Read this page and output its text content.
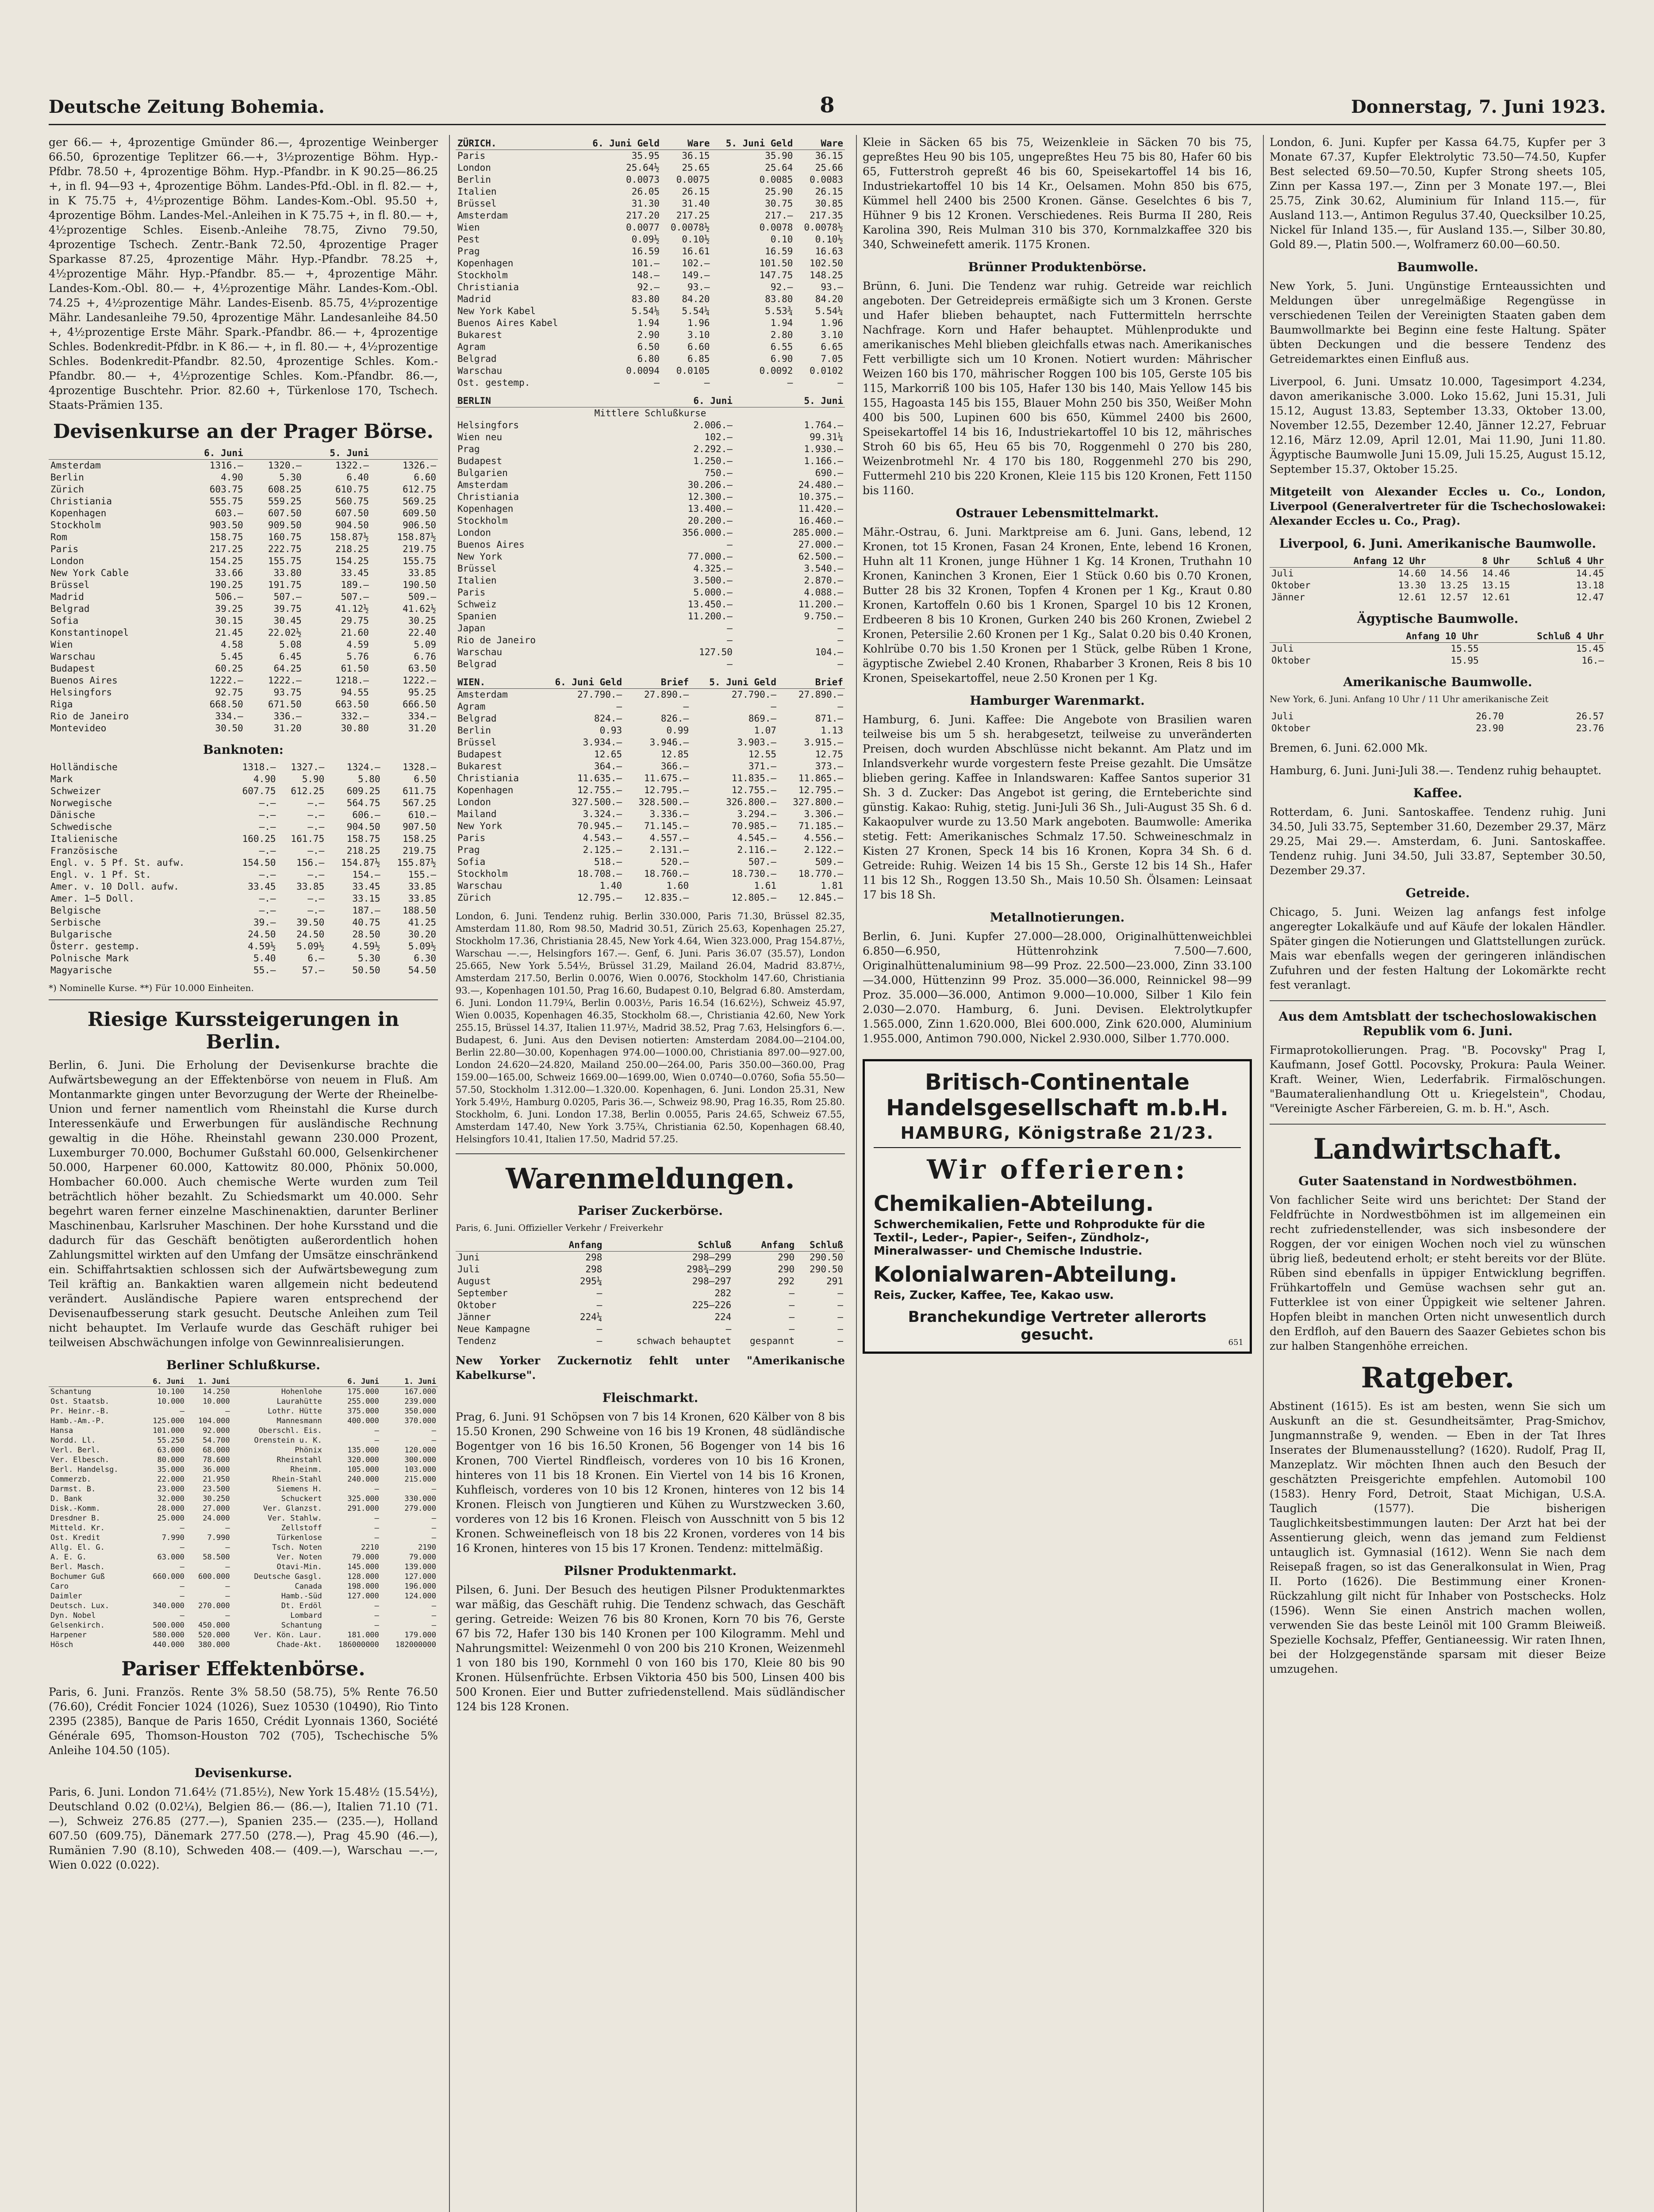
Deutsche Zeitung Bohemia.	8	Donnerstag, 7. Juni 1923.

ger 66.— +, 4prozentige Gmünder 86.—, 4prozentige Weinberger 66.50, 6prozentige Teplitzer 66.—+, 3½prozentige Böhm. Hyp.-Pfdbr. 78.50 +, 4prozentige Böhm. Hyp.-Pfandbr. in K 90.25—86.25 +, in fl. 94—93 +, 4prozentige Böhm. Landes-Pfd.-Obl. in fl. 82.— +, in K 75.75 +, 4½prozentige Böhm. Landes-Kom.-Obl. 95.50 +, 4prozentige Böhm. Landes-Mel.-Anleihen in K 75.75 +, in fl. 80.— +, 4½prozentige Schles. Eisenb.-Anleihe 78.75, Zivno 79.50, 4prozentige Tschech. Zentr.-Bank 72.50, 4prozentige Prager Sparkasse 87.25, 4prozentige Mähr. Hyp.-Pfandbr. 78.25 +, 4½prozentige Mähr. Hyp.-Pfandbr. 85.— +, 4prozentige Mähr. Landes-Kom.-Obl. 80.— +, 4½prozentige Mähr. Landes-Kom.-Obl. 74.25 +, 4½prozentige Mähr. Landes-Eisenb. 85.75, 4½prozentige Mähr. Landesanleihe 79.50, 4prozentige Mähr. Landesanleihe 84.50 +, 4½prozentige Erste Mähr. Spark.-Pfandbr. 86.— +, 4prozentige Schles. Bodenkredit-Pfdbr. in K 86.— +, in fl. 80.— +, 4½prozentige Schles. Bodenkredit-Pfandbr. 82.50, 4prozentige Schles. Kom.-Pfandbr. 80.— +, 4½prozentige Schles. Kom.-Pfandbr. 86.—, 4prozentige Buschtehr. Prior. 82.60 +, Türkenlose 170, Tschech. Staats-Prämien 135.

Devisenkurse an der Prager Börse.
	6. Juni		5. Juni	
Amsterdam	1316.—	1320.—	1322.—	1326.—
Berlin	4.90	5.30	6.40	6.60
Zürich	603.75	608.25	610.75	612.75
Christiania	555.75	559.25	560.75	569.25
Kopenhagen	603.—	607.50	607.50	609.50
Stockholm	903.50	909.50	904.50	906.50
Rom	158.75	160.75	158.87½	158.87½
Paris	217.25	222.75	218.25	219.75
London	154.25	155.75	154.25	155.75
New York Cable	33.66	33.80	33.45	33.85
Brüssel	190.25	191.75	189.—	190.50
Madrid	506.—	507.—	507.—	509.—
Belgrad	39.25	39.75	41.12½	41.62½
Sofia	30.15	30.45	29.75	30.25
Konstantinopel	21.45	22.02½	21.60	22.40
Wien	4.58	5.08	4.59	5.09
Warschau	5.45	6.45	5.76	6.76
Budapest	60.25	64.25	61.50	63.50
Buenos Aires	1222.—	1222.—	1218.—	1222.—
Helsingfors	92.75	93.75	94.55	95.25
Riga	668.50	671.50	663.50	666.50
Rio de Janeiro	334.—	336.—	332.—	334.—
Montevideo	30.50	31.20	30.80	31.20
Banknoten:
Holländische	1318.—	1327.—	1324.—	1328.—
Mark	4.90	5.90	5.80	6.50
Schweizer	607.75	612.25	609.25	611.75
Norwegische	—.—	—.—	564.75	567.25
Dänische	—.—	—.—	606.—	610.—
Schwedische	—.—	—.—	904.50	907.50
Italienische	160.25	161.75	158.75	158.25
Französische	—.—	—.—	218.25	219.75
Engl. v. 5 Pf. St. aufw.	154.50	156.—	154.87½	155.87½
Engl. v. 1 Pf. St.	—.—	—.—	154.—	155.—
Amer. v. 10 Doll. aufw.	33.45	33.85	33.45	33.85
Amer. 1—5 Doll.	—.—	—.—	33.15	33.85
Belgische	—.—	—.—	187.—	188.50
Serbische	39.—	39.50	40.75	41.25
Bulgarische	24.50	24.50	28.50	30.20
Österr. gestemp.	4.59½	5.09½	4.59½	5.09½
Polnische Mark	5.40	6.—	5.30	6.30
Magyarische	55.—	57.—	50.50	54.50
*) Nominelle Kurse. **) Für 10.000 Einheiten.
Riesige Kurssteigerungen in Berlin.

Berlin, 6. Juni. Die Erholung der Devisenkurse brachte die Aufwärtsbewegung an der Effektenbörse von neuem in Fluß. Am Montanmarkte gingen unter Bevorzugung der Werte der Rheinelbe-Union und ferner namentlich vom Rheinstahl die Kurse durch Interessenkäufe und Erwerbungen für ausländische Rechnung gewaltig in die Höhe. Rheinstahl gewann 230.000 Prozent, Luxemburger 70.000, Bochumer Gußstahl 60.000, Gelsenkirchener 50.000, Harpener 60.000, Kattowitz 80.000, Phönix 50.000, Hombacher 60.000. Auch chemische Werte wurden zum Teil beträchtlich höher bezahlt. Zu Schiedsmarkt um 40.000. Sehr begehrt waren ferner einzelne Maschinenaktien, darunter Berliner Maschinenbau, Karlsruher Maschinen. Der hohe Kursstand und die dadurch für das Geschäft benötigten außerordentlich hohen Zahlungsmittel wirkten auf den Umfang der Umsätze einschränkend ein. Schiffahrtsaktien schlossen sich der Aufwärtsbewegung zum Teil kräftig an. Bankaktien waren allgemein nicht bedeutend verändert. Ausländische Papiere waren entsprechend der Devisenaufbesserung stark gesucht. Deutsche Anleihen zum Teil nicht behauptet. Im Verlaufe wurde das Geschäft ruhiger bei teilweisen Abschwächungen infolge von Gewinnrealisierungen.

Berliner Schlußkurse.
	6. Juni	1. Juni		6. Juni	1. Juni
Schantung	10.100	14.250	Hohenlohe	175.000	167.000
Ost. Staatsb.	10.000	10.000	Laurahütte	255.000	239.000
Pr. Heinr.-B.	—	—	Lothr. Hütte	375.000	350.000
Hamb.-Am.-P.	125.000	104.000	Mannesmann	400.000	370.000
Hansa	101.000	92.000	Oberschl. Eis.	—	—
Nordd. Ll.	55.250	54.700	Orenstein u. K.	—	—
Verl. Berl.	63.000	68.000	Phönix	135.000	120.000
Ver. Elbesch.	80.000	78.600	Rheinstahl	320.000	300.000
Berl. Handelsg.	35.000	36.000	Rheinm.	105.000	103.000
Commerzb.	22.000	21.950	Rhein-Stahl	240.000	215.000
Darmst. B.	23.000	23.500	Siemens H.	—	—
D. Bank	32.000	30.250	Schuckert	325.000	330.000
Disk.-Komm.	28.000	27.000	Ver. Glanzst.	291.000	279.000
Dresdner B.	25.000	24.000	Ver. Stahlw.	—	—
Mitteld. Kr.	—	—	Zellstoff	—	—
Ost. Kredit	7.990	7.990	Türkenlose	—	—
Allg. El. G.	—	—	Tsch. Noten	2210	2190
A. E. G.	63.000	58.500	Ver. Noten	79.000	79.000
Berl. Masch.	—	—	Otavi-Min.	145.000	139.000
Bochumer Guß	660.000	600.000	Deutsche Gasgl.	128.000	127.000
Caro	—	—	Canada	198.000	196.000
Daimler	—	—	Hamb.-Süd	127.000	124.000
Deutsch. Lux.	340.000	270.000	Dt. Erdöl	—	—
Dyn. Nobel	—	—	Lombard	—	—
Gelsenkirch.	500.000	450.000	Schantung	—	—
Harpener	580.000	520.000	Ver. Kön. Laur.	181.000	179.000
Hösch	440.000	380.000	Chade-Akt.	186000000	182000000
Pariser Effektenbörse.

Paris, 6. Juni. Französ. Rente 3% 58.50 (58.75), 5% Rente 76.50 (76.60), Crédit Foncier 1024 (1026), Suez 10530 (10490), Rio Tinto 2395 (2385), Banque de Paris 1650, Crédit Lyonnais 1360, Société Générale 695, Thomson-Houston 702 (705), Tschechische 5% Anleihe 104.50 (105).

Devisenkurse.

Paris, 6. Juni. London 71.64½ (71.85½), New York 15.48½ (15.54½), Deutschland 0.02 (0.02¼), Belgien 86.— (86.—), Italien 71.10 (71.—), Schweiz 276.85 (277.—), Spanien 235.— (235.—), Holland 607.50 (609.75), Dänemark 277.50 (278.—), Prag 45.90 (46.—), Rumänien 7.90 (8.10), Schweden 408.— (409.—), Warschau —.—, Wien 0.022 (0.022).

ZÜRICH.	6. Juni Geld	Ware	5. Juni Geld	Ware
Paris	35.95	36.15	35.90	36.15
London	25.64½	25.65	25.64	25.66
Berlin	0.0073	0.0075	0.0085	0.0083
Italien	26.05	26.15	25.90	26.15
Brüssel	31.30	31.40	30.75	30.85
Amsterdam	217.20	217.25	217.—	217.35
Wien	0.0077	0.0078½	0.0078	0.0078½
Pest	0.09½	0.10½	0.10	0.10½
Prag	16.59	16.61	16.59	16.63
Kopenhagen	101.—	102.—	101.50	102.50
Stockholm	148.—	149.—	147.75	148.25
Christiania	92.—	93.—	92.—	93.—
Madrid	83.80	84.20	83.80	84.20
New York Kabel	5.54⅛	5.54¼	5.53¾	5.54¼
Buenos Aires Kabel	1.94	1.96	1.94	1.96
Bukarest	2.90	3.10	2.80	3.10
Agram	6.50	6.60	6.55	6.65
Belgrad	6.80	6.85	6.90	7.05
Warschau	0.0094	0.0105	0.0092	0.0102
Ost. gestemp.	—	—	—	—
BERLIN	6. Juni	5. Juni
Mittlere Schlußkurse		
Helsingfors	2.006.—	1.764.—
Wien neu	102.—	99.31¼
Prag	2.292.—	1.930.—
Budapest	1.250.—	1.166.—
Bulgarien	750.—	690.—
Amsterdam	30.206.—	24.480.—
Christiania	12.300.—	10.375.—
Kopenhagen	13.400.—	11.420.—
Stockholm	20.200.—	16.460.—
London	356.000.—	285.000.—
Buenos Aires	—	27.000.—
New York	77.000.—	62.500.—
Brüssel	4.325.—	3.540.—
Italien	3.500.—	2.870.—
Paris	5.000.—	4.088.—
Schweiz	13.450.—	11.200.—
Spanien	11.200.—	9.750.—
Japan	—	—
Rio de Janeiro	—	—
Warschau	127.50	104.—
Belgrad	—	—
WIEN.	6. Juni Geld	Brief	5. Juni Geld	Brief
Amsterdam	27.790.—	27.890.—	27.790.—	27.890.—
Agram	—	—	—	—
Belgrad	824.—	826.—	869.—	871.—
Berlin	0.93	0.99	1.07	1.13
Brüssel	3.934.—	3.946.—	3.903.—	3.915.—
Budapest	12.65	12.85	12.55	12.75
Bukarest	364.—	366.—	371.—	373.—
Christiania	11.635.—	11.675.—	11.835.—	11.865.—
Kopenhagen	12.755.—	12.795.—	12.755.—	12.795.—
London	327.500.—	328.500.—	326.800.—	327.800.—
Mailand	3.324.—	3.336.—	3.294.—	3.306.—
New York	70.945.—	71.145.—	70.985.—	71.185.—
Paris	4.543.—	4.557.—	4.545.—	4.556.—
Prag	2.125.—	2.131.—	2.116.—	2.122.—
Sofia	518.—	520.—	507.—	509.—
Stockholm	18.708.—	18.760.—	18.730.—	18.770.—
Warschau	1.40	1.60	1.61	1.81
Zürich	12.795.—	12.835.—	12.805.—	12.845.—

London, 6. Juni. Tendenz ruhig. Berlin 330.000, Paris 71.30, Brüssel 82.35, Amsterdam 11.80, Rom 98.50, Madrid 30.51, Zürich 25.63, Kopenhagen 25.27, Stockholm 17.36, Christiania 28.45, New York 4.64, Wien 323.000, Prag 154.87½, Warschau —.—, Helsingfors 167.—. Genf, 6. Juni. Paris 36.07 (35.57), London 25.665, New York 5.54½, Brüssel 31.29, Mailand 26.04, Madrid 83.87½, Amsterdam 217.50, Berlin 0.0076, Wien 0.0076, Stockholm 147.60, Christiania 93.—, Kopenhagen 101.50, Prag 16.60, Budapest 0.10, Belgrad 6.80. Amsterdam, 6. Juni. London 11.79¼, Berlin 0.003½, Paris 16.54 (16.62½), Schweiz 45.97, Wien 0.0035, Kopenhagen 46.35, Stockholm 68.—, Christiania 42.60, New York 255.15, Brüssel 14.37, Italien 11.97½, Madrid 38.52, Prag 7.63, Helsingfors 6.—. Budapest, 6. Juni. Aus den Devisen notierten: Amsterdam 2084.00—2104.00, Berlin 22.80—30.00, Kopenhagen 974.00—1000.00, Christiania 897.00—927.00, London 24.620—24.820, Mailand 250.00—264.00, Paris 350.00—360.00, Prag 159.00—165.00, Schweiz 1669.00—1699.00, Wien 0.0740—0.0760, Sofia 55.50—57.50, Stockholm 1.312.00—1.320.00. Kopenhagen, 6. Juni. London 25.31, New York 5.49½, Hamburg 0.0205, Paris 36.—, Schweiz 98.90, Prag 16.35, Rom 25.80. Stockholm, 6. Juni. London 17.38, Berlin 0.0055, Paris 24.65, Schweiz 67.55, Amsterdam 147.40, New York 3.75¾, Christiania 62.50, Kopenhagen 68.40, Helsingfors 10.41, Italien 17.50, Madrid 57.25.

Warenmeldungen.
Pariser Zuckerbörse.
Paris, 6. Juni. Offizieller Verkehr / Freiverkehr
	Anfang	Schluß	Anfang	Schluß
Juni	298	298—299	290	290.50
Juli	298	298¾—299	290	290.50
August	295¼	298—297	292	291
September	—	282	—	—
Oktober	—	225—226	—	—
Jänner	224¼	224	—	—
Neue Kampagne	—	—	—	—
Tendenz	—	schwach behauptet	gespannt	—

New Yorker Zuckernotiz fehlt unter "Amerikanische Kabelkurse".

Fleischmarkt.

Prag, 6. Juni. 91 Schöpsen von 7 bis 14 Kronen, 620 Kälber von 8 bis 15.50 Kronen, 290 Schweine von 16 bis 19 Kronen, 48 südländische Bogentger von 16 bis 16.50 Kronen, 56 Bogenger von 14 bis 16 Kronen, 700 Viertel Rindfleisch, vorderes von 10 bis 16 Kronen, hinteres von 11 bis 18 Kronen. Ein Viertel von 14 bis 16 Kronen, Kuhfleisch, vorderes von 10 bis 12 Kronen, hinteres von 12 bis 14 Kronen. Fleisch von Jungtieren und Kühen zu Wurstzwecken 3.60, vorderes von 12 bis 16 Kronen. Fleisch von Ausschnitt von 5 bis 12 Kronen. Schweinefleisch von 18 bis 22 Kronen, vorderes von 14 bis 16 Kronen, hinteres von 15 bis 17 Kronen. Tendenz: mittelmäßig.

Pilsner Produktenmarkt.

Pilsen, 6. Juni. Der Besuch des heutigen Pilsner Produktenmarktes war mäßig, das Geschäft ruhig. Die Tendenz schwach, das Geschäft gering. Getreide: Weizen 76 bis 80 Kronen, Korn 70 bis 76, Gerste 67 bis 72, Hafer 130 bis 140 Kronen per 100 Kilogramm. Mehl und Nahrungsmittel: Weizenmehl 0 von 200 bis 210 Kronen, Weizenmehl 1 von 180 bis 190, Kornmehl 0 von 160 bis 170, Kleie 80 bis 90 Kronen. Hülsenfrüchte. Erbsen Viktoria 450 bis 500, Linsen 400 bis 500 Kronen. Eier und Butter zufriedenstellend. Mais südländischer 124 bis 128 Kronen.

Kleie in Säcken 65 bis 75, Weizenkleie in Säcken 70 bis 75, gepreßtes Heu 90 bis 105, ungepreßtes Heu 75 bis 80, Hafer 60 bis 65, Futterstroh gepreßt 46 bis 60, Speisekartoffel 14 bis 16, Industriekartoffel 10 bis 14 Kr., Oelsamen. Mohn 850 bis 675, Kümmel hell 2400 bis 2500 Kronen. Gänse. Geselchtes 6 bis 7, Hühner 9 bis 12 Kronen. Verschiedenes. Reis Burma II 280, Reis Karolina 390, Reis Mulman 310 bis 370, Kornmalzkaffee 320 bis 340, Schweinefett amerik. 1175 Kronen.

Brünner Produktenbörse.

Brünn, 6. Juni. Die Tendenz war ruhig. Getreide war reichlich angeboten. Der Getreidepreis ermäßigte sich um 3 Kronen. Gerste und Hafer blieben behauptet, nach Futtermitteln herrschte Nachfrage. Korn und Hafer behauptet. Mühlenprodukte und amerikanisches Mehl blieben gleichfalls etwas nach. Amerikanisches Fett verbilligte sich um 10 Kronen. Notiert wurden: Mährischer Weizen 160 bis 170, mährischer Roggen 100 bis 105, Gerste 105 bis 115, Markorriß 100 bis 105, Hafer 130 bis 140, Mais Yellow 145 bis 155, Hagoasta 145 bis 155, Blauer Mohn 250 bis 350, Weißer Mohn 400 bis 500, Lupinen 600 bis 650, Kümmel 2400 bis 2600, Speisekartoffel 14 bis 16, Industriekartoffel 10 bis 12, mährisches Stroh 60 bis 65, Heu 65 bis 70, Roggenmehl 0 270 bis 280, Weizenbrotmehl Nr. 4 170 bis 180, Roggenmehl 270 bis 290, Futtermehl 210 bis 220 Kronen, Kleie 115 bis 120 Kronen, Fett 1150 bis 1160.

Ostrauer Lebensmittelmarkt.

Mähr.-Ostrau, 6. Juni. Marktpreise am 6. Juni. Gans, lebend, 12 Kronen, tot 15 Kronen, Fasan 24 Kronen, Ente, lebend 16 Kronen, Huhn alt 11 Kronen, junge Hühner 1 Kg. 14 Kronen, Truthahn 10 Kronen, Kaninchen 3 Kronen, Eier 1 Stück 0.60 bis 0.70 Kronen, Butter 28 bis 32 Kronen, Topfen 4 Kronen per 1 Kg., Kraut 0.80 Kronen, Kartoffeln 0.60 bis 1 Kronen, Spargel 10 bis 12 Kronen, Erdbeeren 8 bis 10 Kronen, Gurken 240 bis 260 Kronen, Zwiebel 2 Kronen, Petersilie 2.60 Kronen per 1 Kg., Salat 0.20 bis 0.40 Kronen, Kohlrübe 0.70 bis 1.50 Kronen per 1 Stück, gelbe Rüben 1 Krone, ägyptische Zwiebel 2.40 Kronen, Rhabarber 3 Kronen, Reis 8 bis 10 Kronen, Speisekartoffel, neue 2.50 Kronen per 1 Kg.

Hamburger Warenmarkt.

Hamburg, 6. Juni. Kaffee: Die Angebote von Brasilien waren teilweise bis um 5 sh. herabgesetzt, teilweise zu unveränderten Preisen, doch wurden Abschlüsse nicht bekannt. Am Platz und im Inlandsverkehr wurde vorgestern feste Preise gezahlt. Die Umsätze blieben gering. Kaffee in Inlandswaren: Kaffee Santos superior 31 Sh. 3 d. Zucker: Das Angebot ist gering, die Ernteberichte sind günstig. Kakao: Ruhig, stetig. Juni-Juli 36 Sh., Juli-August 35 Sh. 6 d. Kakaopulver wurde zu 13.50 Mark angeboten. Baumwolle: Amerika stetig. Fett: Amerikanisches Schmalz 17.50. Schweineschmalz in Kisten 27 Kronen, Speck 14 bis 16 Kronen, Kopra 34 Sh. 6 d. Getreide: Ruhig. Weizen 14 bis 15 Sh., Gerste 12 bis 14 Sh., Hafer 11 bis 12 Sh., Roggen 13.50 Sh., Mais 10.50 Sh. Ölsamen: Leinsaat 17 bis 18 Sh.

Metallnotierungen.

Berlin, 6. Juni. Kupfer 27.000—28.000, Originalhüttenweichblei 6.850—6.950, Hüttenrohzink 7.500—7.600, Originalhüttenaluminium 98—99 Proz. 22.500—23.000, Zinn 33.100—34.000, Hüttenzinn 99 Proz. 35.000—36.000, Reinnickel 98—99 Proz. 35.000—36.000, Antimon 9.000—10.000, Silber 1 Kilo fein 2.030—2.070. Hamburg, 6. Juni. Devisen. Elektrolytkupfer 1.565.000, Zinn 1.620.000, Blei 600.000, Zink 620.000, Aluminium 1.955.000, Antimon 790.000, Nickel 2.930.000, Silber 1.770.000.

Britisch-Continentale Handelsgesellschaft m.b.H.
HAMBURG, Königstraße 21/23.
Wir offerieren:
Chemikalien-Abteilung.
Schwerchemikalien, Fette und Rohprodukte für die Textil-, Leder-, Papier-, Seifen-, Zündholz-, Mineralwasser- und Chemische Industrie.
Kolonialwaren-Abteilung.
Reis, Zucker, Kaffee, Tee, Kakao usw.
Branchekundige Vertreter allerorts gesucht.	651

London, 6. Juni. Kupfer per Kassa 64.75, Kupfer per 3 Monate 67.37, Kupfer Elektrolytic 73.50—74.50, Kupfer Best selected 69.50—70.50, Kupfer Strong sheets 105, Zinn per Kassa 197.—, Zinn per 3 Monate 197.—, Blei 25.75, Zink 30.62, Aluminium für Inland 115.—, für Ausland 113.—, Antimon Regulus 37.40, Quecksilber 10.25, Nickel für Inland 135.—, für Ausland 135.—, Silber 30.80, Gold 89.—, Platin 500.—, Wolframerz 60.00—60.50.

Baumwolle.

New York, 5. Juni. Ungünstige Ernteaussichten und Meldungen über unregelmäßige Regengüsse in verschiedenen Teilen der Vereinigten Staaten gaben dem Baumwollmarkte bei Beginn eine feste Haltung. Später übten Deckungen und die bessere Tendenz des Getreidemarktes einen Einfluß aus.

Liverpool, 6. Juni. Umsatz 10.000, Tagesimport 4.234, davon amerikanische 3.000. Loko 15.62, Juni 15.31, Juli 15.12, August 13.83, September 13.33, Oktober 13.00, November 12.55, Dezember 12.40, Jänner 12.27, Februar 12.16, März 12.09, April 12.01, Mai 11.90, Juni 11.80. Ägyptische Baumwolle Juni 15.09, Juli 15.25, August 15.12, September 15.37, Oktober 15.25.

Mitgeteilt von Alexander Eccles u. Co., London, Liverpool (Generalvertreter für die Tschechoslowakei: Alexander Eccles u. Co., Prag).

Liverpool, 6. Juni. Amerikanische Baumwolle.
	Anfang 12 Uhr		8 Uhr	Schluß 4 Uhr
Juli	14.60	14.56	14.46	14.45
Oktober	13.30	13.25	13.15	13.18
Jänner	12.61	12.57	12.61	12.47
Ägyptische Baumwolle.
	Anfang 10 Uhr	Schluß 4 Uhr
Juli	15.55	15.45
Oktober	15.95	16.—
Amerikanische Baumwolle.
New York, 6. Juni. Anfang 10 Uhr / 11 Uhr amerikanische Zeit
Juli	26.70	26.57
Oktober	23.90	23.76

Bremen, 6. Juni. 62.000 Mk.

Hamburg, 6. Juni. Juni-Juli 38.—. Tendenz ruhig behauptet.

Kaffee.

Rotterdam, 6. Juni. Santoskaffee. Tendenz ruhig. Juni 34.50, Juli 33.75, September 31.60, Dezember 29.37, März 29.25, Mai 29.—. Amsterdam, 6. Juni. Santoskaffee. Tendenz ruhig. Juni 34.50, Juli 33.87, September 30.50, Dezember 29.37.

Getreide.

Chicago, 5. Juni. Weizen lag anfangs fest infolge angeregter Lokalkäufe und auf Käufe der lokalen Händler. Später gingen die Notierungen und Glattstellungen zurück. Mais war ebenfalls wegen der geringeren inländischen Zufuhren und der festen Haltung der Lokomärkte recht fest veranlagt.

Aus dem Amtsblatt der tschechoslowakischen Republik vom 6. Juni.

Firmaprotokollierungen. Prag. "B. Pocovsky" Prag I, Kaufmann, Josef Gottl. Pocovsky, Prokura: Paula Weiner. Kraft. Weiner, Wien, Lederfabrik. Firmalöschungen. "Baumateralienhandlung Ott u. Kriegelstein", Chodau, "Vereinigte Ascher Färbereien, G. m. b. H.", Asch.

Landwirtschaft.
Guter Saatenstand in Nordwestböhmen.

Von fachlicher Seite wird uns berichtet: Der Stand der Feldfrüchte in Nordwestböhmen ist im allgemeinen ein recht zufriedenstellender, was sich insbesondere der Roggen, der vor einigen Wochen noch viel zu wünschen übrig ließ, bedeutend erholt; er steht bereits vor der Blüte. Rüben sind ebenfalls in üppiger Entwicklung begriffen. Frühkartoffeln und Gemüse wachsen sehr gut an. Futterklee ist von einer Üppigkeit wie seltener Jahren. Hopfen bleibt in manchen Orten nicht unwesentlich durch den Erdfloh, auf den Bauern des Saazer Gebietes schon bis zur halben Stangenhöhe erreichen.

Ratgeber.

Abstinent (1615). Es ist am besten, wenn Sie sich um Auskunft an die st. Gesundheitsämter, Prag-Smichov, Jungmannstraße 9, wenden. — Eben in der Tat Ihres Inserates der Blumenausstellung? (1620). Rudolf, Prag II, Manzeplatz. Wir möchten Ihnen auch den Besuch der geschätzten Preisgerichte empfehlen. Automobil 100 (1583). Henry Ford, Detroit, Staat Michigan, U.S.A. Tauglich (1577). Die bisherigen Tauglichkeitsbestimmungen lauten: Der Arzt hat bei der Assentierung gleich, wenn das jemand zum Feldienst untauglich ist. Gymnasial (1612). Wenn Sie nach dem Reisepaß fragen, so ist das Generalkonsulat in Wien, Prag II. Porto (1626). Die Bestimmung einer Kronen-Rückzahlung gilt nicht für Inhaber von Postschecks. Holz (1596). Wenn Sie einen Anstrich machen wollen, verwenden Sie das beste Leinöl mit 100 Gramm Bleiweiß. Spezielle Kochsalz, Pfeffer, Gentianeessig. Wir raten Ihnen, bei der Holzgegenstände sparsam mit dieser Beize umzugehen.
